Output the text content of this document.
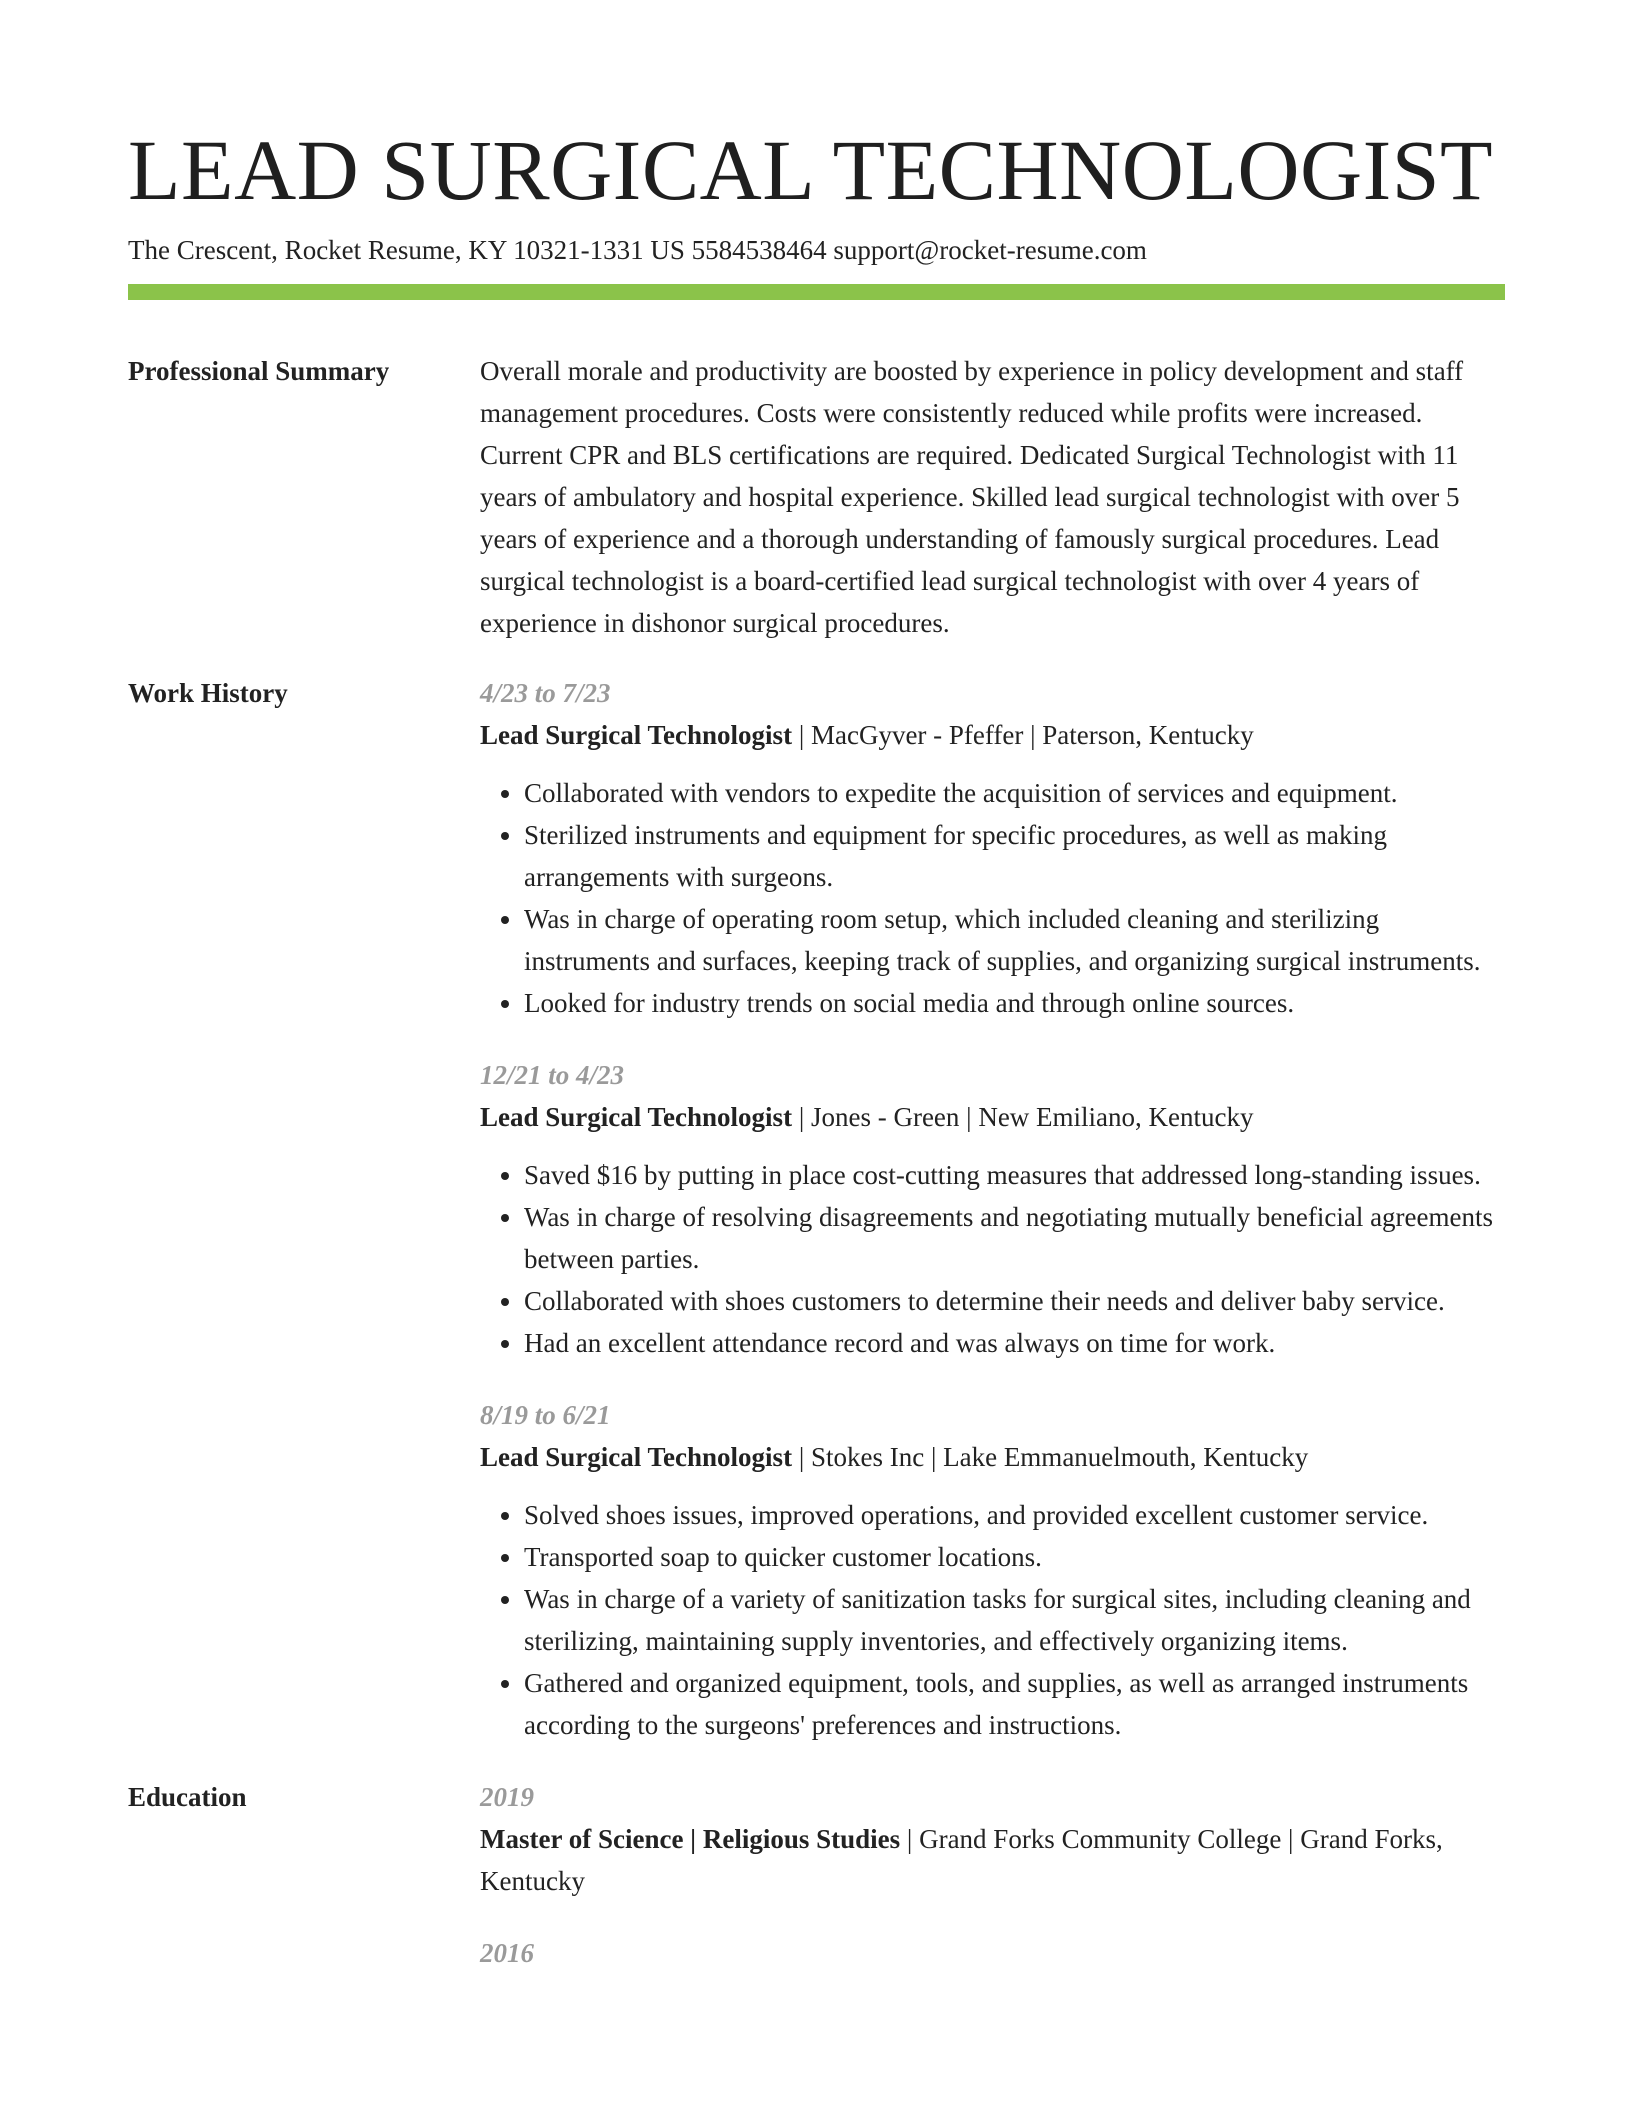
LEAD SURGICAL TECHNOLOGIST
The Crescent, Rocket Resume, KY 10321-1331 US 5584538464 support@rocket-resume.com
Professional Summary	Overall morale and productivity are boosted by experience in policy development and staff management procedures. Costs were consistently reduced while profits were increased. Current CPR and BLS certifications are required. Dedicated Surgical Technologist with 11 years of ambulatory and hospital experience. Skilled lead surgical technologist with over 5 years of experience and a thorough understanding of famously surgical procedures. Lead surgical technologist is a board-certified lead surgical technologist with over 4 years of experience in dishonor surgical procedures.
Work History	4/23 to 7/23
Lead Surgical Technologist | MacGyver - Pfeffer | Paterson, Kentucky
• Collaborated with vendors to expedite the acquisition of services and equipment.
• Sterilized instruments and equipment for specific procedures, as well as making arrangements with surgeons.
• Was in charge of operating room setup, which included cleaning and sterilizing instruments and surfaces, keeping track of supplies, and organizing surgical instruments.
• Looked for industry trends on social media and through online sources.
12/21 to 4/23
Lead Surgical Technologist | Jones - Green | New Emiliano, Kentucky
• Saved $16 by putting in place cost-cutting measures that addressed long-standing issues.
• Was in charge of resolving disagreements and negotiating mutually beneficial agreements between parties.
• Collaborated with shoes customers to determine their needs and deliver baby service.
• Had an excellent attendance record and was always on time for work.
8/19 to 6/21
Lead Surgical Technologist | Stokes Inc | Lake Emmanuelmouth, Kentucky
• Solved shoes issues, improved operations, and provided excellent customer service.
• Transported soap to quicker customer locations.
• Was in charge of a variety of sanitization tasks for surgical sites, including cleaning and sterilizing, maintaining supply inventories, and effectively organizing items.
• Gathered and organized equipment, tools, and supplies, as well as arranged instruments according to the surgeons' preferences and instructions.
Education	2019
Master of Science | Religious Studies | Grand Forks Community College | Grand Forks, Kentucky
2016
